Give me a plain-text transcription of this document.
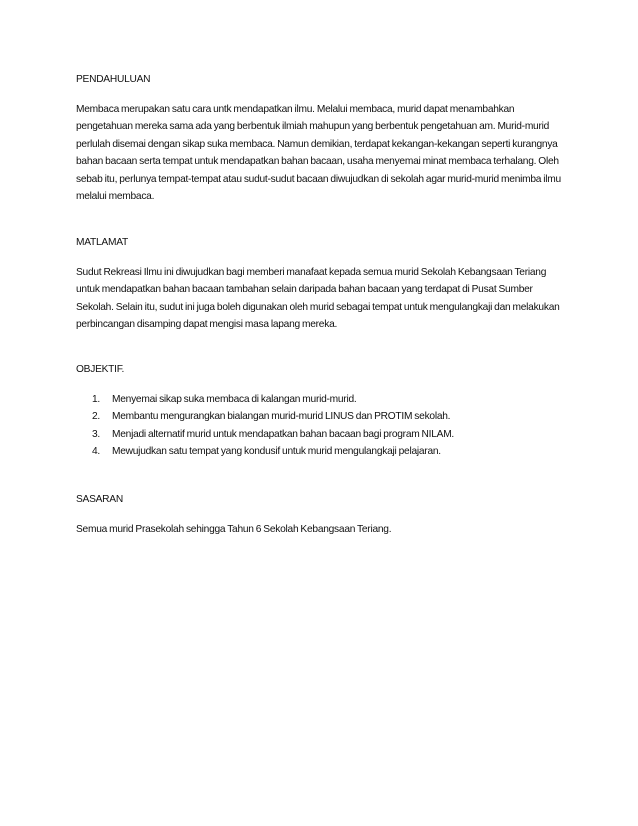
PENDAHULUAN

Membaca merupakan satu cara untk mendapatkan ilmu. Melalui membaca, murid dapat menambahkan pengetahuan mereka sama ada yang berbentuk ilmiah mahupun yang berbentuk pengetahuan am. Murid-murid perlulah disemai dengan sikap suka membaca. Namun demikian, terdapat kekangan-kekangan seperti kurangnya bahan bacaan serta tempat untuk mendapatkan bahan bacaan, usaha menyemai minat membaca terhalang. Oleh sebab itu, perlunya tempat-tempat atau sudut-sudut bacaan diwujudkan di sekolah agar murid-murid menimba ilmu melalui membaca.

MATLAMAT

Sudut Rekreasi Ilmu ini diwujudkan bagi memberi manafaat kepada semua murid Sekolah Kebangsaan Teriang untuk mendapatkan bahan bacaan tambahan selain daripada bahan bacaan yang terdapat di Pusat Sumber Sekolah. Selain itu, sudut ini juga boleh digunakan oleh murid sebagai tempat untuk mengulangkaji dan melakukan perbincangan disamping dapat mengisi masa lapang mereka.

OBJEKTIF.

1.	Menyemai sikap suka membaca di kalangan murid-murid.
2.	Membantu mengurangkan bialangan murid-murid LINUS dan PROTIM sekolah.
3.	Menjadi alternatif murid untuk mendapatkan bahan bacaan bagi program NILAM.
4.	Mewujudkan satu tempat yang kondusif untuk murid mengulangkaji pelajaran.

SASARAN

Semua murid Prasekolah sehingga Tahun 6 Sekolah Kebangsaan Teriang.
